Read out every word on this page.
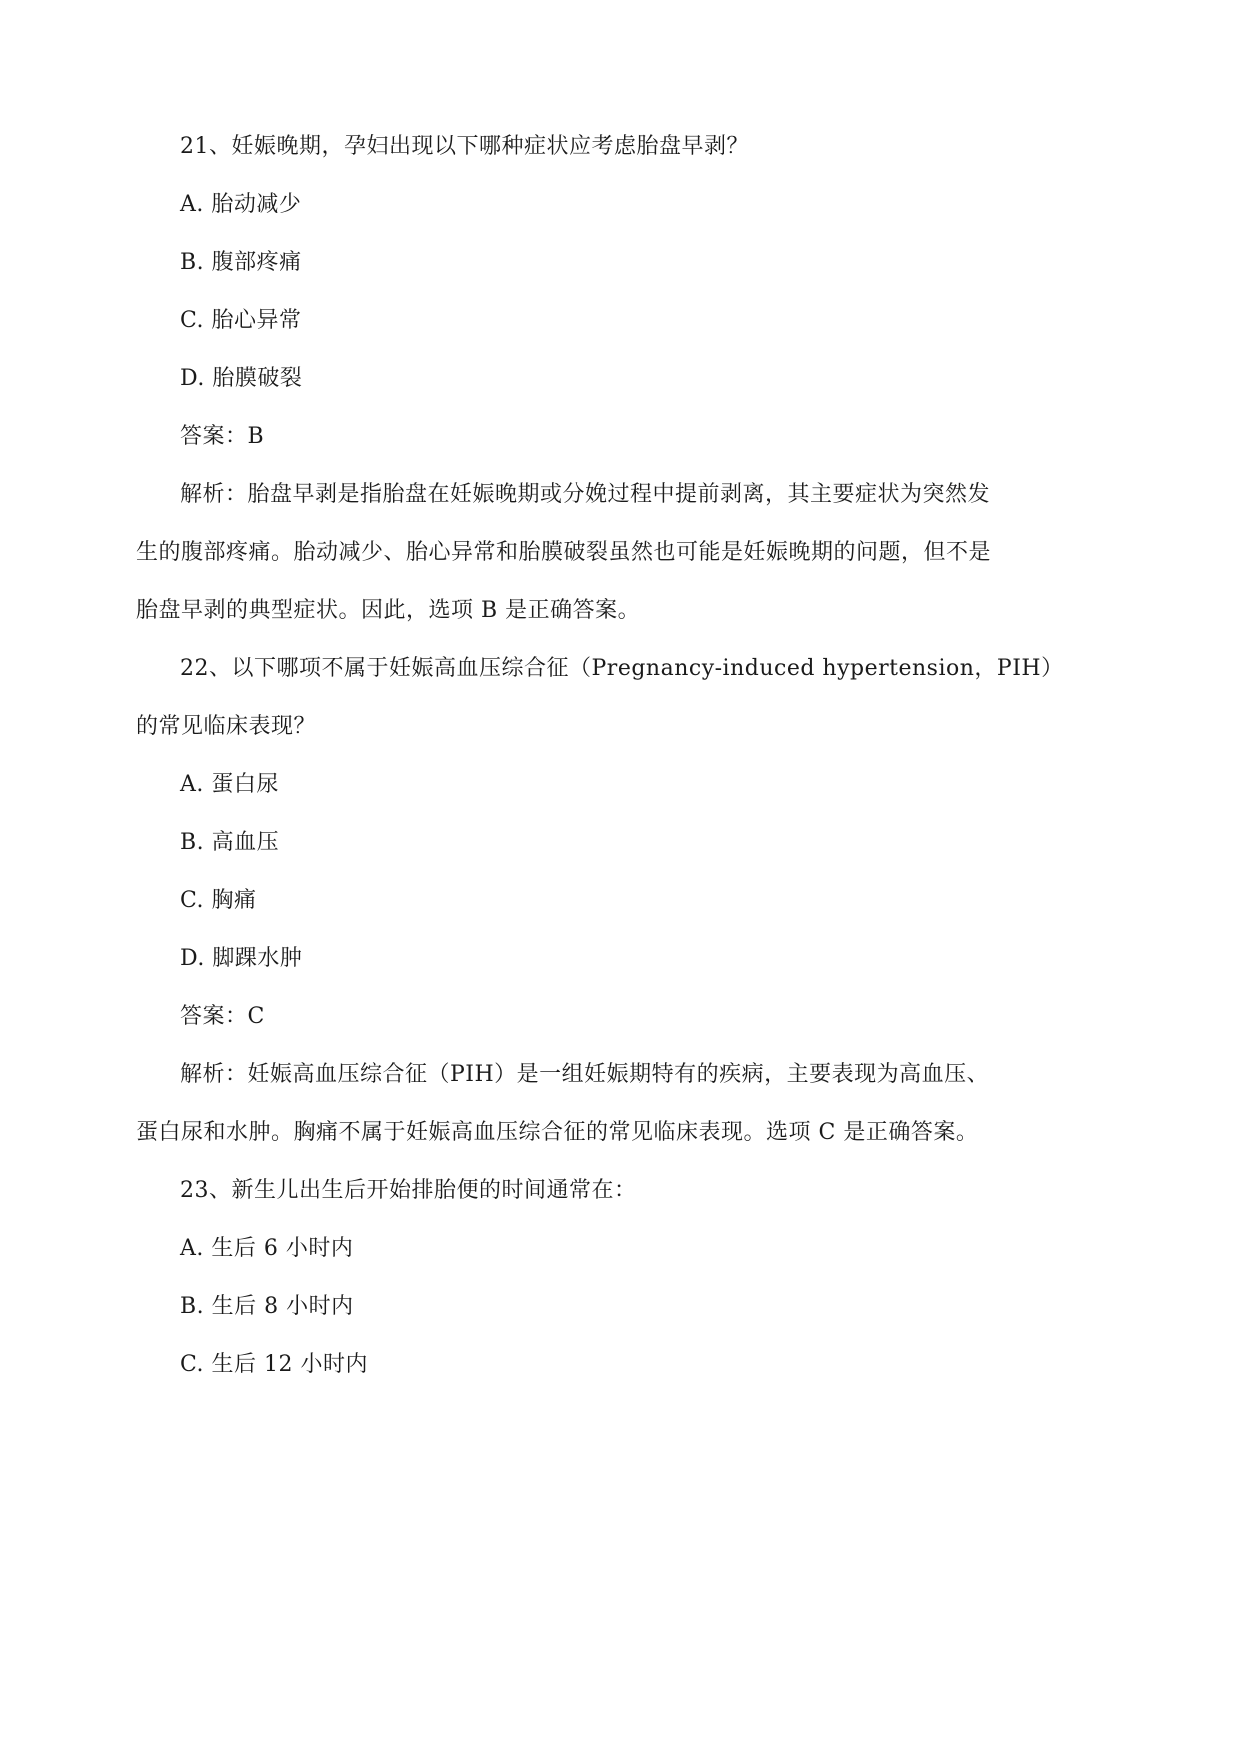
21、妊娠晚期，孕妇出现以下哪种症状应考虑胎盘早剥？
A. 胎动减少
B. 腹部疼痛
C. 胎心异常
D. 胎膜破裂
答案：B
解析：胎盘早剥是指胎盘在妊娠晚期或分娩过程中提前剥离，其主要症状为突然发
生的腹部疼痛。胎动减少、胎心异常和胎膜破裂虽然也可能是妊娠晚期的问题，但不是
胎盘早剥的典型症状。因此，选项 B 是正确答案。
22、以下哪项不属于妊娠高血压综合征（Pregnancy-induced hypertension，PIH）
的常见临床表现？
A. 蛋白尿
B. 高血压
C. 胸痛
D. 脚踝水肿
答案：C
解析：妊娠高血压综合征（PIH）是一组妊娠期特有的疾病，主要表现为高血压、
蛋白尿和水肿。胸痛不属于妊娠高血压综合征的常见临床表现。选项 C 是正确答案。
23、新生儿出生后开始排胎便的时间通常在：
A. 生后 6 小时内
B. 生后 8 小时内
C. 生后 12 小时内
